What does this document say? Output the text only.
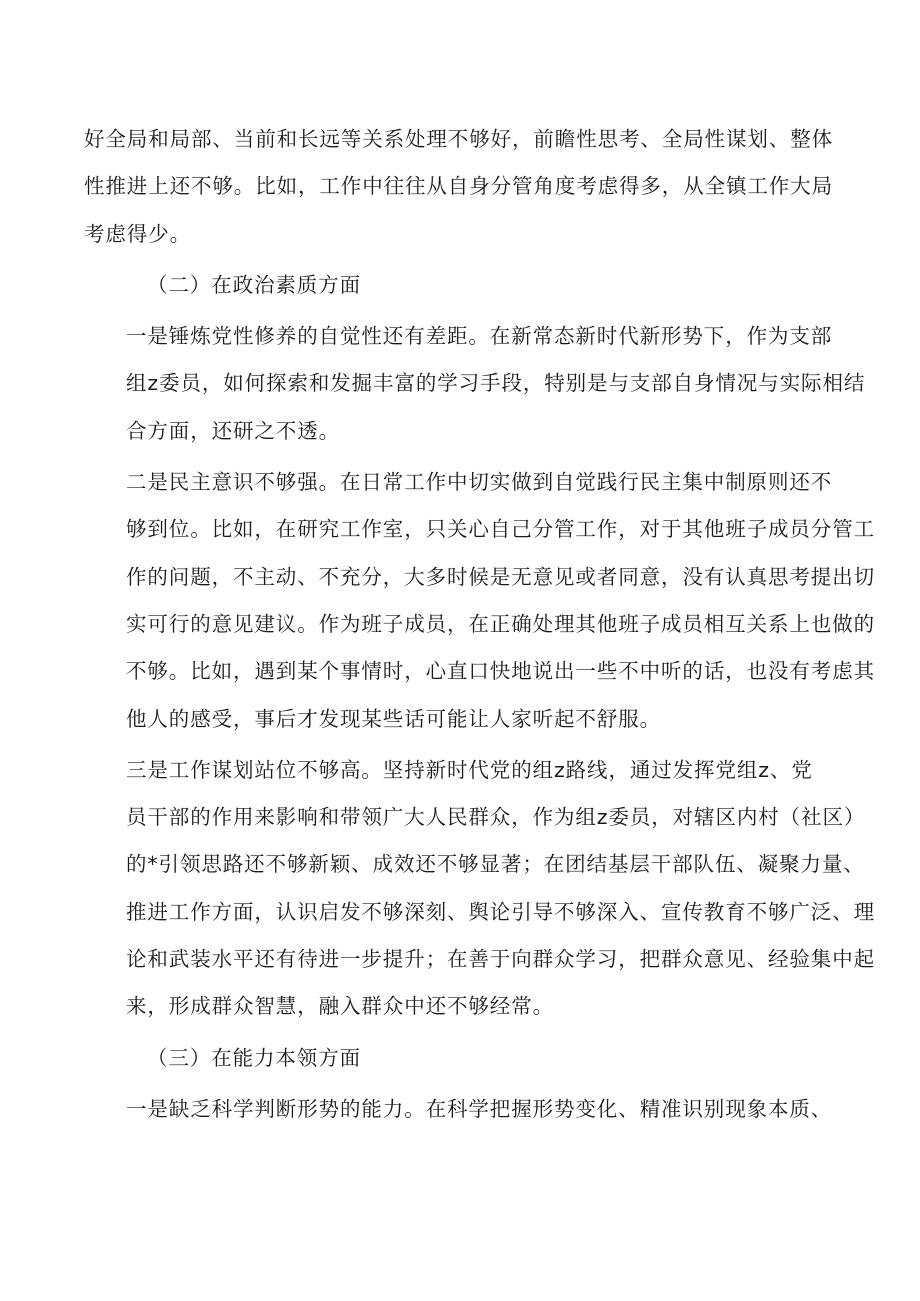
好全局和局部、当前和长远等关系处理不够好，前瞻性思考、全局性谋划、整体
性推进上还不够。比如，工作中往往从自身分管角度考虑得多，从全镇工作大局
考虑得少。
（二）在政治素质方面
一是锤炼党性修养的自觉性还有差距。在新常态新时代新形势下，作为支部
组z委员，如何探索和发掘丰富的学习手段，特别是与支部自身情况与实际相结
合方面，还研之不透。
二是民主意识不够强。在日常工作中切实做到自觉践行民主集中制原则还不
够到位。比如，在研究工作室，只关心自己分管工作，对于其他班子成员分管工
作的问题，不主动、不充分，大多时候是无意见或者同意，没有认真思考提出切
实可行的意见建议。作为班子成员，在正确处理其他班子成员相互关系上也做的
不够。比如，遇到某个事情时，心直口快地说出一些不中听的话，也没有考虑其
他人的感受，事后才发现某些话可能让人家听起不舒服。
三是工作谋划站位不够高。坚持新时代党的组z路线，通过发挥党组z、党
员干部的作用来影响和带领广大人民群众，作为组z委员，对辖区内村（社区）
的*引领思路还不够新颖、成效还不够显著；在团结基层干部队伍、凝聚力量、
推进工作方面，认识启发不够深刻、舆论引导不够深入、宣传教育不够广泛、理
论和武装水平还有待进一步提升；在善于向群众学习，把群众意见、经验集中起
来，形成群众智慧，融入群众中还不够经常。
（三）在能力本领方面
一是缺乏科学判断形势的能力。在科学把握形势变化、精准识别现象本质、
